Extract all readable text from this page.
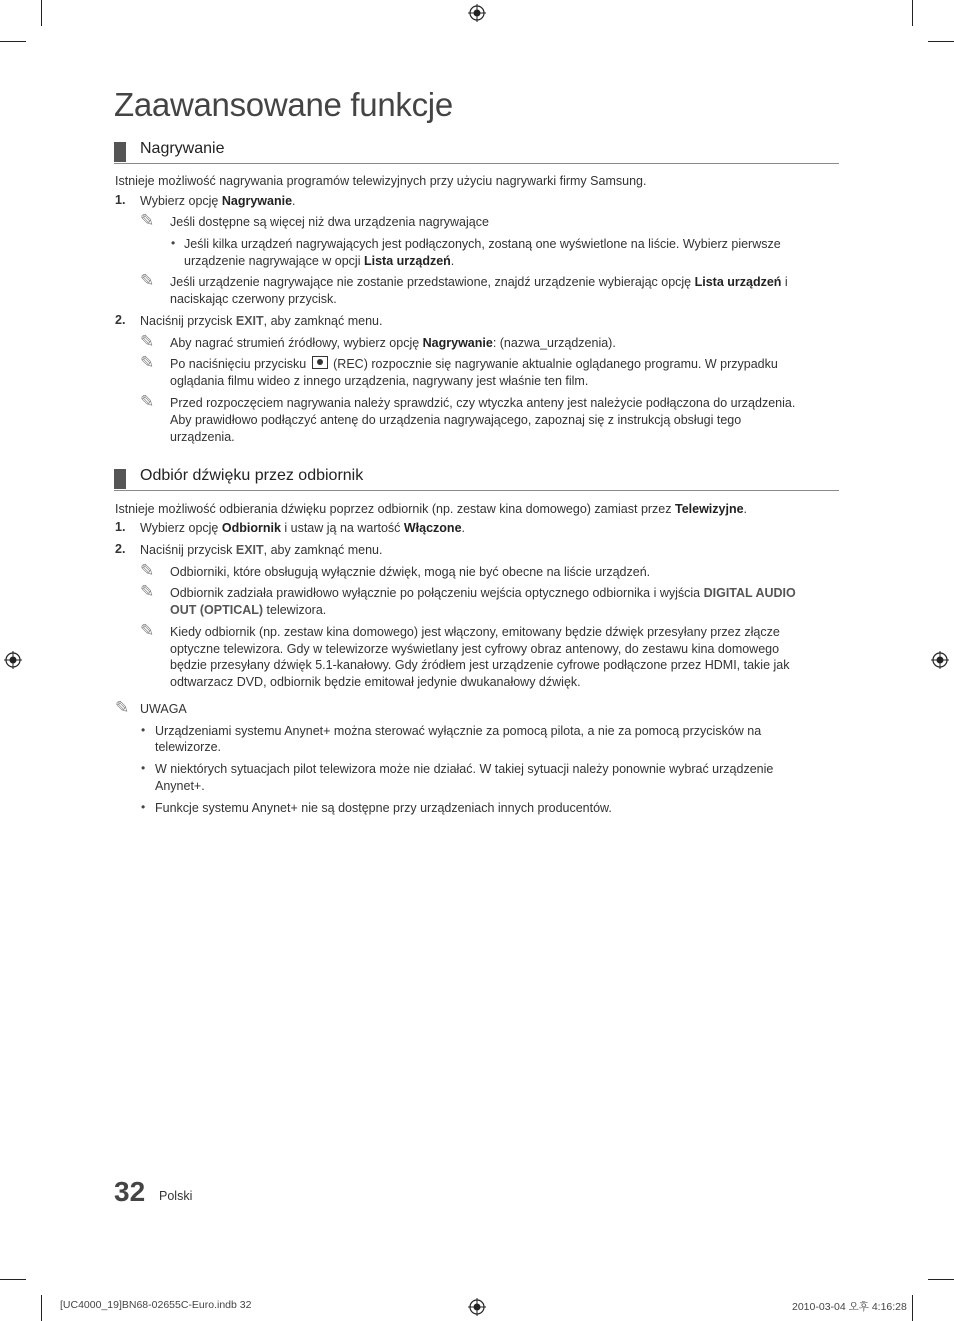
Zaawansowane funkcje
Nagrywanie
Istnieje możliwość nagrywania programów telewizyjnych przy użyciu nagrywarki firmy Samsung.
1. Wybierz opcję Nagrywanie.
✎ Jeśli dostępne są więcej niż dwa urządzenia nagrywające
• Jeśli kilka urządzeń nagrywających jest podłączonych, zostaną one wyświetlone na liście. Wybierz pierwsze
urządzenie nagrywające w opcji Lista urządzeń.
✎ Jeśli urządzenie nagrywające nie zostanie przedstawione, znajdź urządzenie wybierając opcję Lista urządzeń i
naciskając czerwony przycisk.
2. Naciśnij przycisk EXIT, aby zamknąć menu.
✎ Aby nagrać strumień źródłowy, wybierz opcję Nagrywanie: (nazwa_urządzenia).
✎ Po naciśnięciu przycisku (REC) rozpocznie się nagrywanie aktualnie oglądanego programu. W przypadku
oglądania filmu wideo z innego urządzenia, nagrywany jest właśnie ten film.
✎ Przed rozpoczęciem nagrywania należy sprawdzić, czy wtyczka anteny jest należycie podłączona do urządzenia.
Aby prawidłowo podłączyć antenę do urządzenia nagrywającego, zapoznaj się z instrukcją obsługi tego
urządzenia.
Odbiór dźwięku przez odbiornik
Istnieje możliwość odbierania dźwięku poprzez odbiornik (np. zestaw kina domowego) zamiast przez Telewizyjne.
1. Wybierz opcję Odbiornik i ustaw ją na wartość Włączone.
2. Naciśnij przycisk EXIT, aby zamknąć menu.
✎ Odbiorniki, które obsługują wyłącznie dźwięk, mogą nie być obecne na liście urządzeń.
✎ Odbiornik zadziała prawidłowo wyłącznie po połączeniu wejścia optycznego odbiornika i wyjścia DIGITAL AUDIO
OUT (OPTICAL) telewizora.
✎ Kiedy odbiornik (np. zestaw kina domowego) jest włączony, emitowany będzie dźwięk przesyłany przez złącze
optyczne telewizora. Gdy w telewizorze wyświetlany jest cyfrowy obraz antenowy, do zestawu kina domowego
będzie przesyłany dźwięk 5.1-kanałowy. Gdy źródłem jest urządzenie cyfrowe podłączone przez HDMI, takie jak
odtwarzacz DVD, odbiornik będzie emitował jedynie dwukanałowy dźwięk.
✎ UWAGA
• Urządzeniami systemu Anynet+ można sterować wyłącznie za pomocą pilota, a nie za pomocą przycisków na
telewizorze.
• W niektórych sytuacjach pilot telewizora może nie działać. W takiej sytuacji należy ponownie wybrać urządzenie
Anynet+.
• Funkcje systemu Anynet+ nie są dostępne przy urządzeniach innych producentów.
32 Polski
[UC4000_19]BN68-02655C-Euro.indb 32	2010-03-04 오후 4:16:28
